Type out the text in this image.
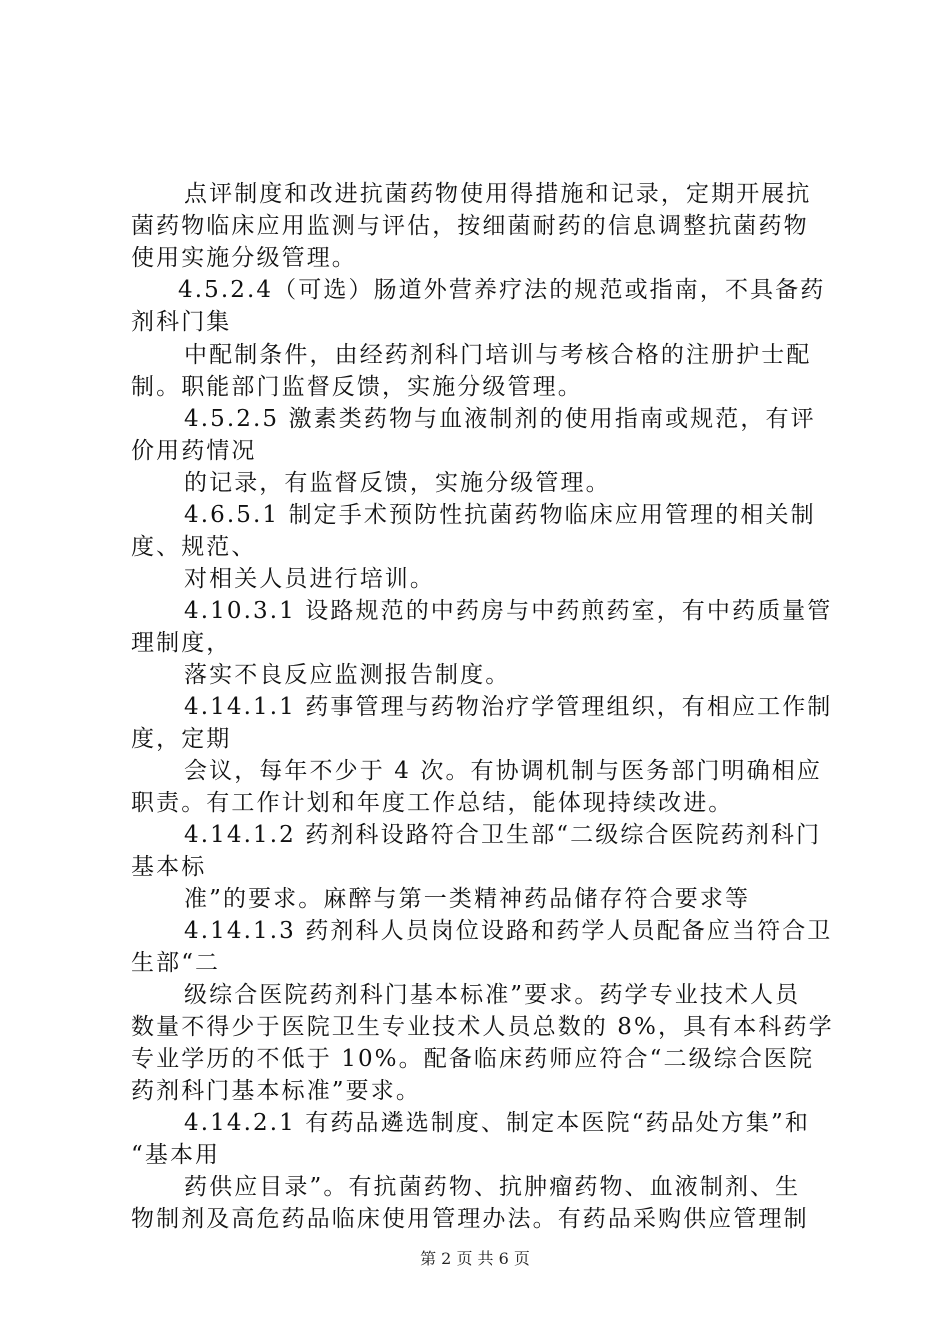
点评制度和改进抗菌药物使用得措施和记录，定期开展抗
菌药物临床应用监测与评估，按细菌耐药的信息调整抗菌药物
使用实施分级管理。
4.5.2.4（可选）肠道外营养疗法的规范或指南，不具备药
剂科门集
中配制条件，由经药剂科门培训与考核合格的注册护士配
制。职能部门监督反馈，实施分级管理。
4.5.2.5 激素类药物与血液制剂的使用指南或规范，有评
价用药情况
的记录，有监督反馈，实施分级管理。
4.6.5.1 制定手术预防性抗菌药物临床应用管理的相关制
度、规范、
对相关人员进行培训。
4.10.3.1 设路规范的中药房与中药煎药室，有中药质量管
理制度，
落实不良反应监测报告制度。
4.14.1.1 药事管理与药物治疗学管理组织，有相应工作制
度，定期
会议，每年不少于 4 次。有协调机制与医务部门明确相应
职责。有工作计划和年度工作总结，能体现持续改进。
4.14.1.2 药剂科设路符合卫生部“二级综合医院药剂科门
基本标
准”的要求。麻醉与第一类精神药品储存符合要求等
4.14.1.3 药剂科人员岗位设路和药学人员配备应当符合卫
生部“二
级综合医院药剂科门基本标准”要求。药学专业技术人员
数量不得少于医院卫生专业技术人员总数的 8%，具有本科药学
专业学历的不低于 10%。配备临床药师应符合“二级综合医院
药剂科门基本标准”要求。
4.14.2.1 有药品遴选制度、制定本医院“药品处方集”和
“基本用
药供应目录”。有抗菌药物、抗肿瘤药物、血液制剂、生
物制剂及高危药品临床使用管理办法。有药品采购供应管理制
第 2 页 共 6 页
